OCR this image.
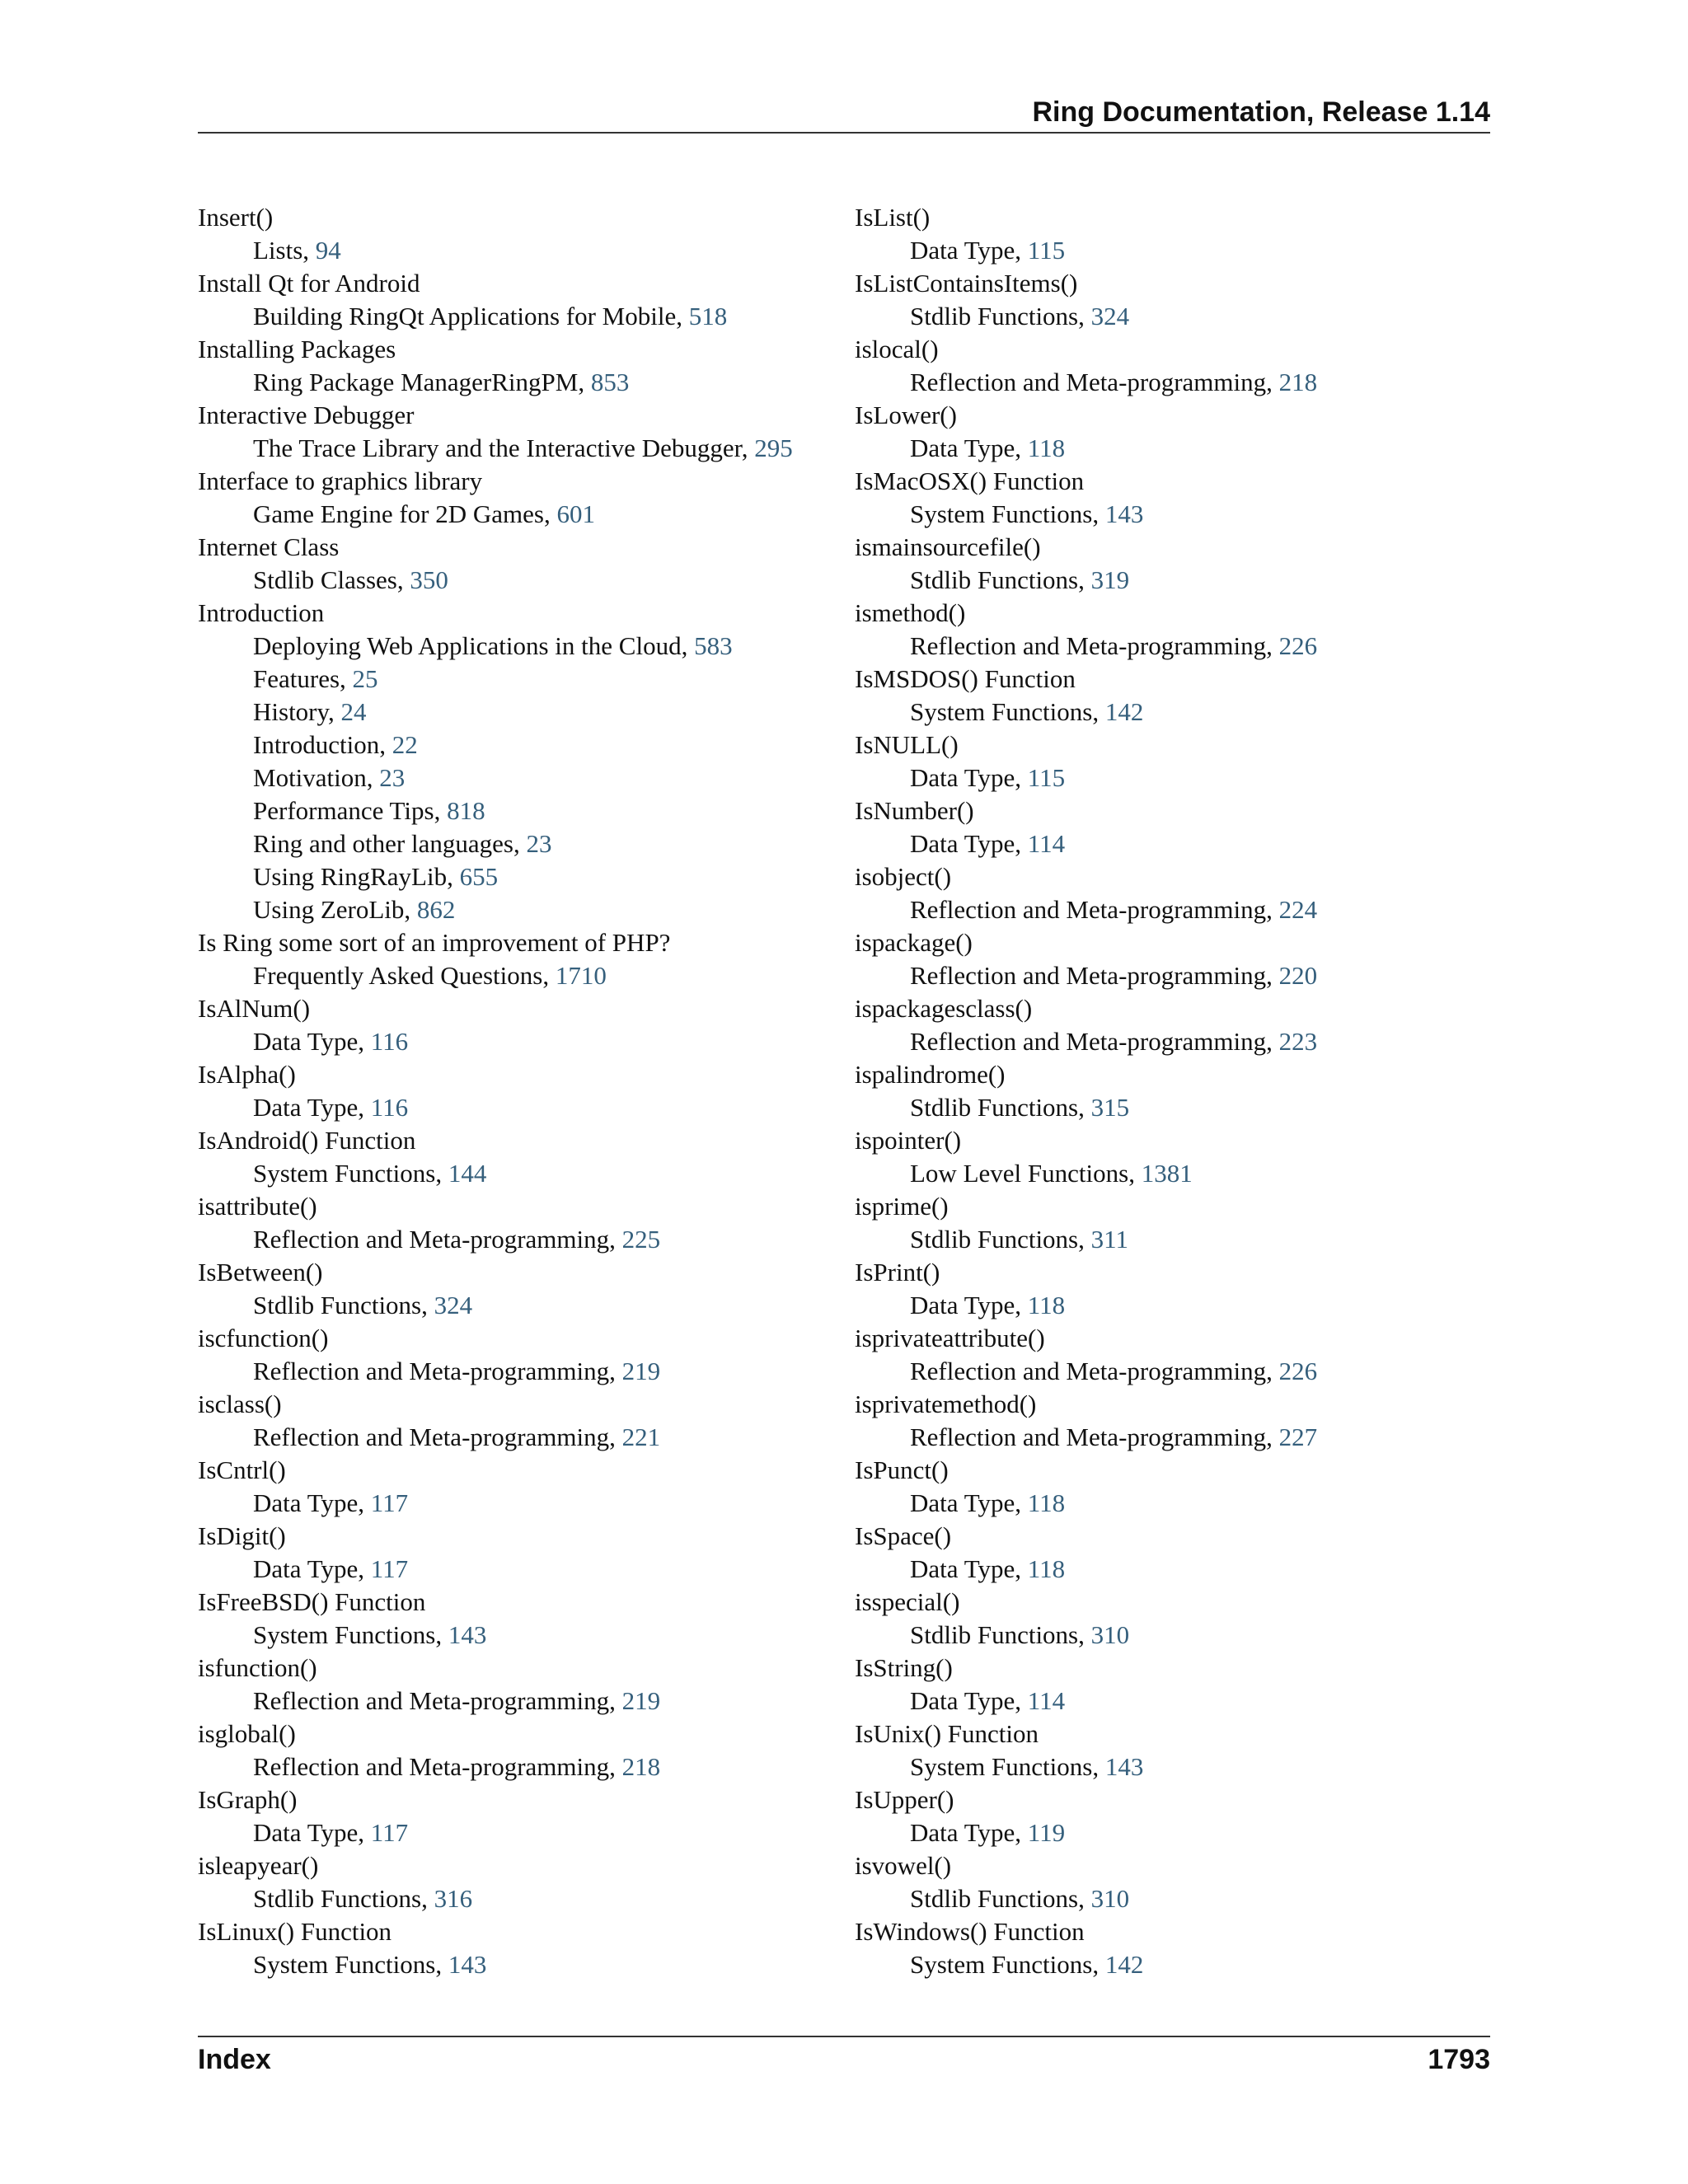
Ring Documentation, Release 1.14
Insert()
Lists, 94
Install Qt for Android
Building RingQt Applications for Mobile, 518
Installing Packages
Ring Package ManagerRingPM, 853
Interactive Debugger
The Trace Library and the Interactive Debugger, 295
Interface to graphics library
Game Engine for 2D Games, 601
Internet Class
Stdlib Classes, 350
Introduction
Deploying Web Applications in the Cloud, 583
Features, 25
History, 24
Introduction, 22
Motivation, 23
Performance Tips, 818
Ring and other languages, 23
Using RingRayLib, 655
Using ZeroLib, 862
Is Ring some sort of an improvement of PHP?
Frequently Asked Questions, 1710
IsAlNum()
Data Type, 116
IsAlpha()
Data Type, 116
IsAndroid() Function
System Functions, 144
isattribute()
Reflection and Meta-programming, 225
IsBetween()
Stdlib Functions, 324
iscfunction()
Reflection and Meta-programming, 219
isclass()
Reflection and Meta-programming, 221
IsCntrl()
Data Type, 117
IsDigit()
Data Type, 117
IsFreeBSD() Function
System Functions, 143
isfunction()
Reflection and Meta-programming, 219
isglobal()
Reflection and Meta-programming, 218
IsGraph()
Data Type, 117
isleapyear()
Stdlib Functions, 316
IsLinux() Function
System Functions, 143
IsList()
Data Type, 115
IsListContainsItems()
Stdlib Functions, 324
islocal()
Reflection and Meta-programming, 218
IsLower()
Data Type, 118
IsMacOSX() Function
System Functions, 143
ismainsourcefile()
Stdlib Functions, 319
ismethod()
Reflection and Meta-programming, 226
IsMSDOS() Function
System Functions, 142
IsNULL()
Data Type, 115
IsNumber()
Data Type, 114
isobject()
Reflection and Meta-programming, 224
ispackage()
Reflection and Meta-programming, 220
ispackagesclass()
Reflection and Meta-programming, 223
ispalindrome()
Stdlib Functions, 315
ispointer()
Low Level Functions, 1381
isprime()
Stdlib Functions, 311
IsPrint()
Data Type, 118
isprivateattribute()
Reflection and Meta-programming, 226
isprivatemethod()
Reflection and Meta-programming, 227
IsPunct()
Data Type, 118
IsSpace()
Data Type, 118
isspecial()
Stdlib Functions, 310
IsString()
Data Type, 114
IsUnix() Function
System Functions, 143
IsUpper()
Data Type, 119
isvowel()
Stdlib Functions, 310
IsWindows() Function
System Functions, 142
Index	1793
